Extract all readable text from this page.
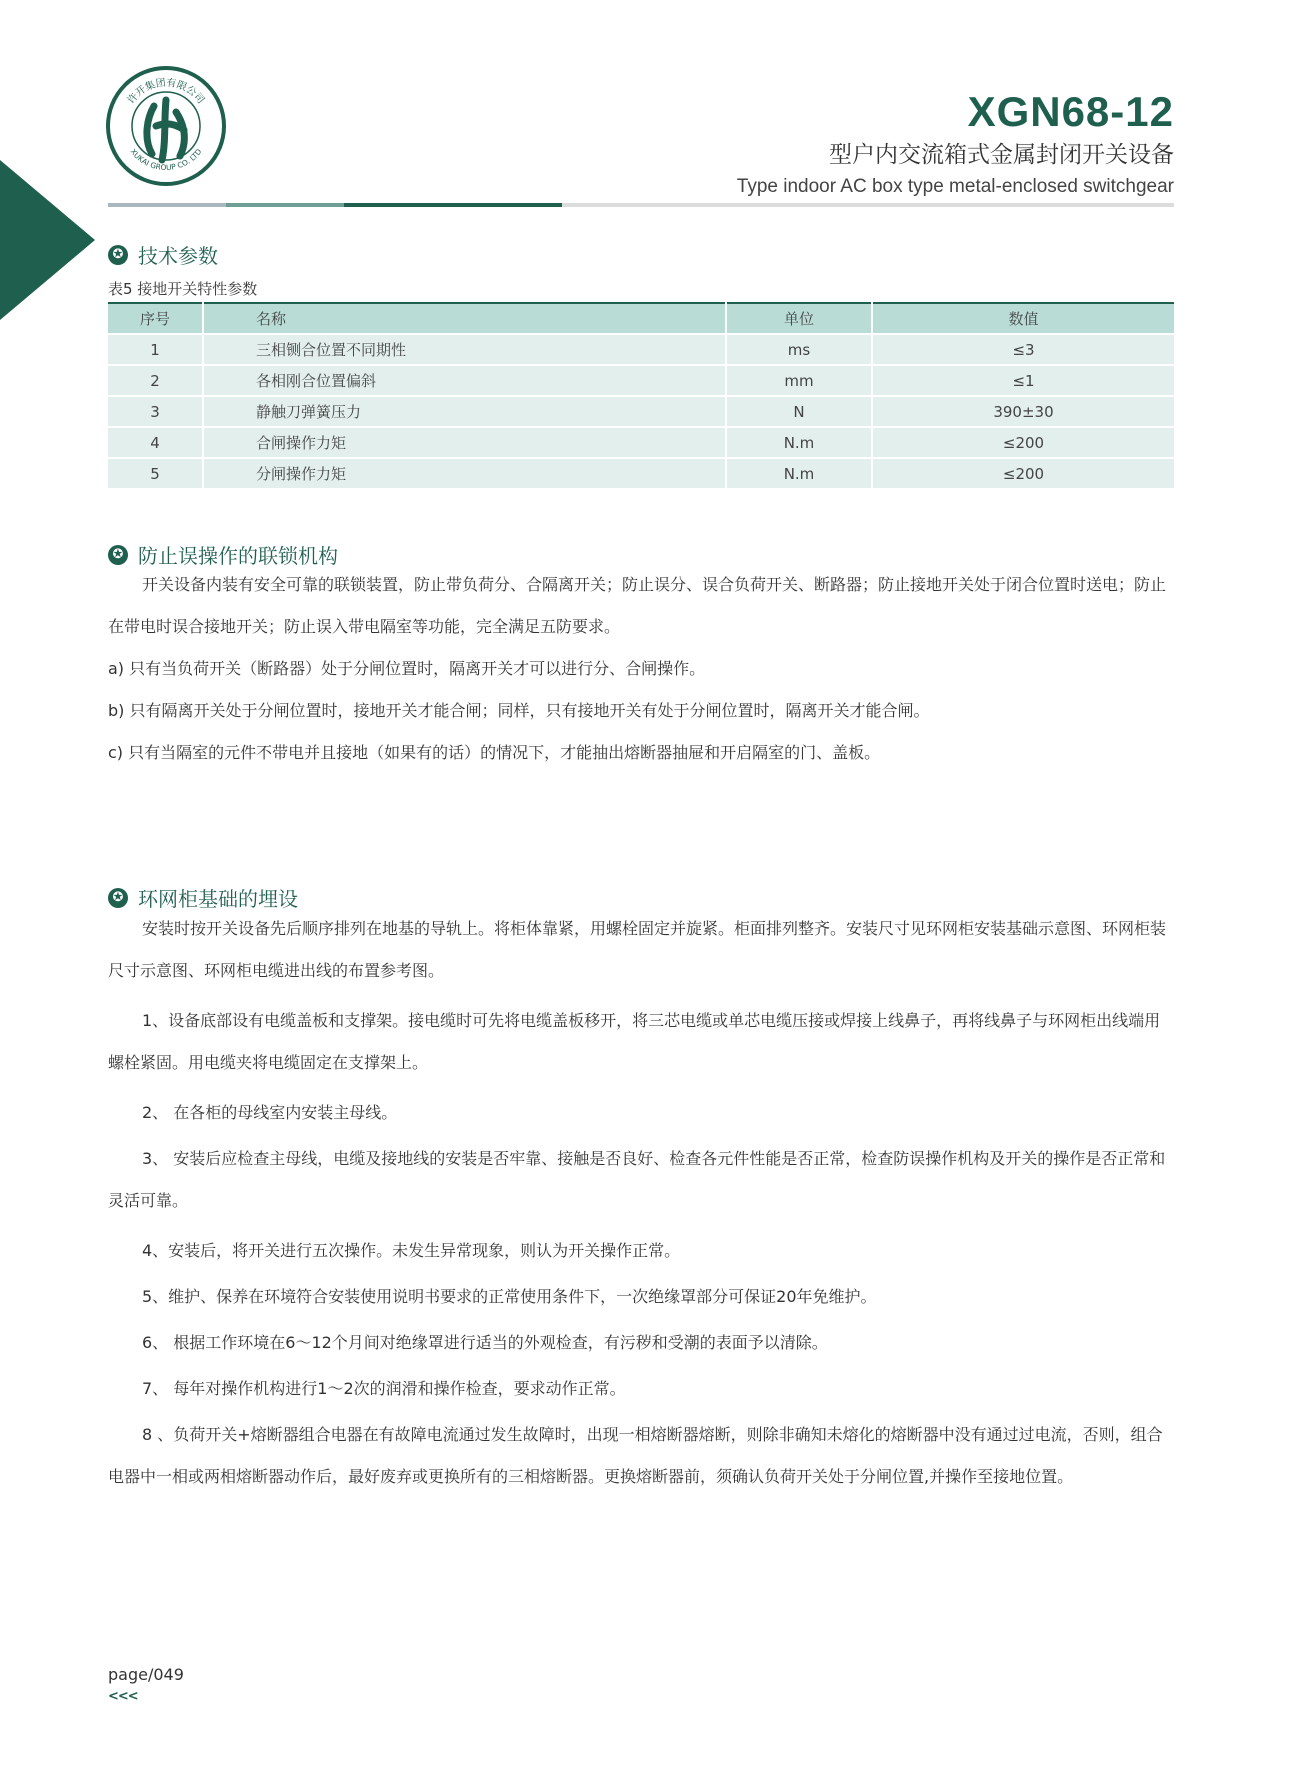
许开集团有限公司
XUKAI GROUP CO. LTD
XGN68-12
型户内交流箱式金属封闭开关设备
Type indoor AC box type metal-enclosed switchgear
✪ 技术参数
表5 接地开关特性参数
序号	名称	单位	数值
1	三相铡合位置不同期性	ms	≤3
2	各相刚合位置偏斜	mm	≤1
3	静触刀弹簧压力	N	390±30
4	合闸操作力矩	N.m	≤200
5	分闸操作力矩	N.m	≤200
✪ 防止误操作的联锁机构

开关设备内装有安全可靠的联锁装置，防止带负荷分、合隔离开关；防止误分、误合负荷开关、断路器；防止接地开关处于闭合位置时送电；防止在带电时误合接地开关；防止误入带电隔室等功能，完全满足五防要求。

a) 只有当负荷开关（断路器）处于分闸位置时，隔离开关才可以进行分、合闸操作。

b) 只有隔离开关处于分闸位置时，接地开关才能合闸；同样，只有接地开关有处于分闸位置时，隔离开关才能合闸。

c) 只有当隔室的元件不带电并且接地（如果有的话）的情况下，才能抽出熔断器抽屉和开启隔室的门、盖板。

✪ 环网柜基础的埋设

安装时按开关设备先后顺序排列在地基的导轨上。将柜体靠紧，用螺栓固定并旋紧。柜面排列整齐。安装尺寸见环网柜安装基础示意图、环网柜装尺寸示意图、环网柜电缆进出线的布置参考图。

1、设备底部设有电缆盖板和支撑架。接电缆时可先将电缆盖板移开，将三芯电缆或单芯电缆压接或焊接上线鼻子，再将线鼻子与环网柜出线端用螺栓紧固。用电缆夹将电缆固定在支撑架上。

2、 在各柜的母线室内安装主母线。

3、 安装后应检查主母线，电缆及接地线的安装是否牢靠、接触是否良好、检查各元件性能是否正常，检查防误操作机构及开关的操作是否正常和灵活可靠。

4、安装后，将开关进行五次操作。未发生异常现象，则认为开关操作正常。

5、维护、保养在环境符合安装使用说明书要求的正常使用条件下，一次绝缘罩部分可保证20年免维护。

6、 根据工作环境在6～12个月间对绝缘罩进行适当的外观检查，有污秽和受潮的表面予以清除。

7、 每年对操作机构进行1～2次的润滑和操作检查，要求动作正常。

8 、负荷开关+熔断器组合电器在有故障电流通过发生故障时，出现一相熔断器熔断，则除非确知未熔化的熔断器中没有通过过电流，否则，组合电器中一相或两相熔断器动作后，最好废弃或更换所有的三相熔断器。更换熔断器前，须确认负荷开关处于分闸位置,并操作至接地位置。

page/049
<<<
